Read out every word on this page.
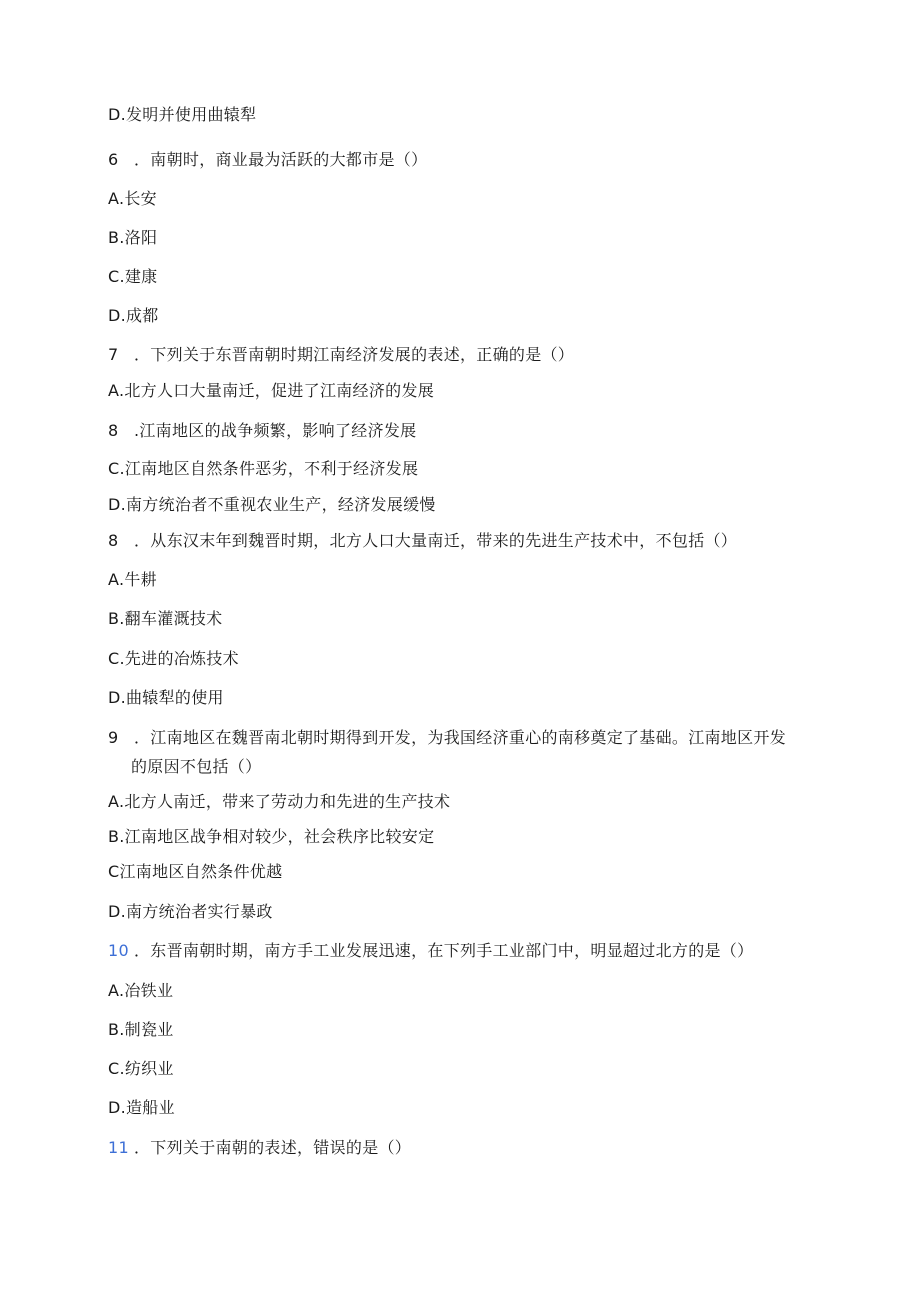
D.发明并使用曲辕犁
6 ．南朝时，商业最为活跃的大都市是（）
A.长安
B.洛阳
C.建康
D.成都
7 ．下列关于东晋南朝时期江南经济发展的表述，正确的是（）
A.北方人口大量南迁，促进了江南经济的发展
8 .江南地区的战争频繁，影响了经济发展
C.江南地区自然条件恶劣，不利于经济发展
D.南方统治者不重视农业生产，经济发展缓慢
8 ．从东汉末年到魏晋时期，北方人口大量南迁，带来的先进生产技术中，不包括（）
A.牛耕
B.翻车灌溉技术
C.先进的冶炼技术
D.曲辕犁的使用
9 ．江南地区在魏晋南北朝时期得到开发，为我国经济重心的南移奠定了基础。江南地区开发
的原因不包括（）
A.北方人南迁，带来了劳动力和先进的生产技术
B.江南地区战争相对较少，社会秩序比较安定
C江南地区自然条件优越
D.南方统治者实行暴政
10 ．东晋南朝时期，南方手工业发展迅速，在下列手工业部门中，明显超过北方的是（）
A.冶铁业
B.制瓷业
C.纺织业
D.造船业
11 ．下列关于南朝的表述，错误的是（）
